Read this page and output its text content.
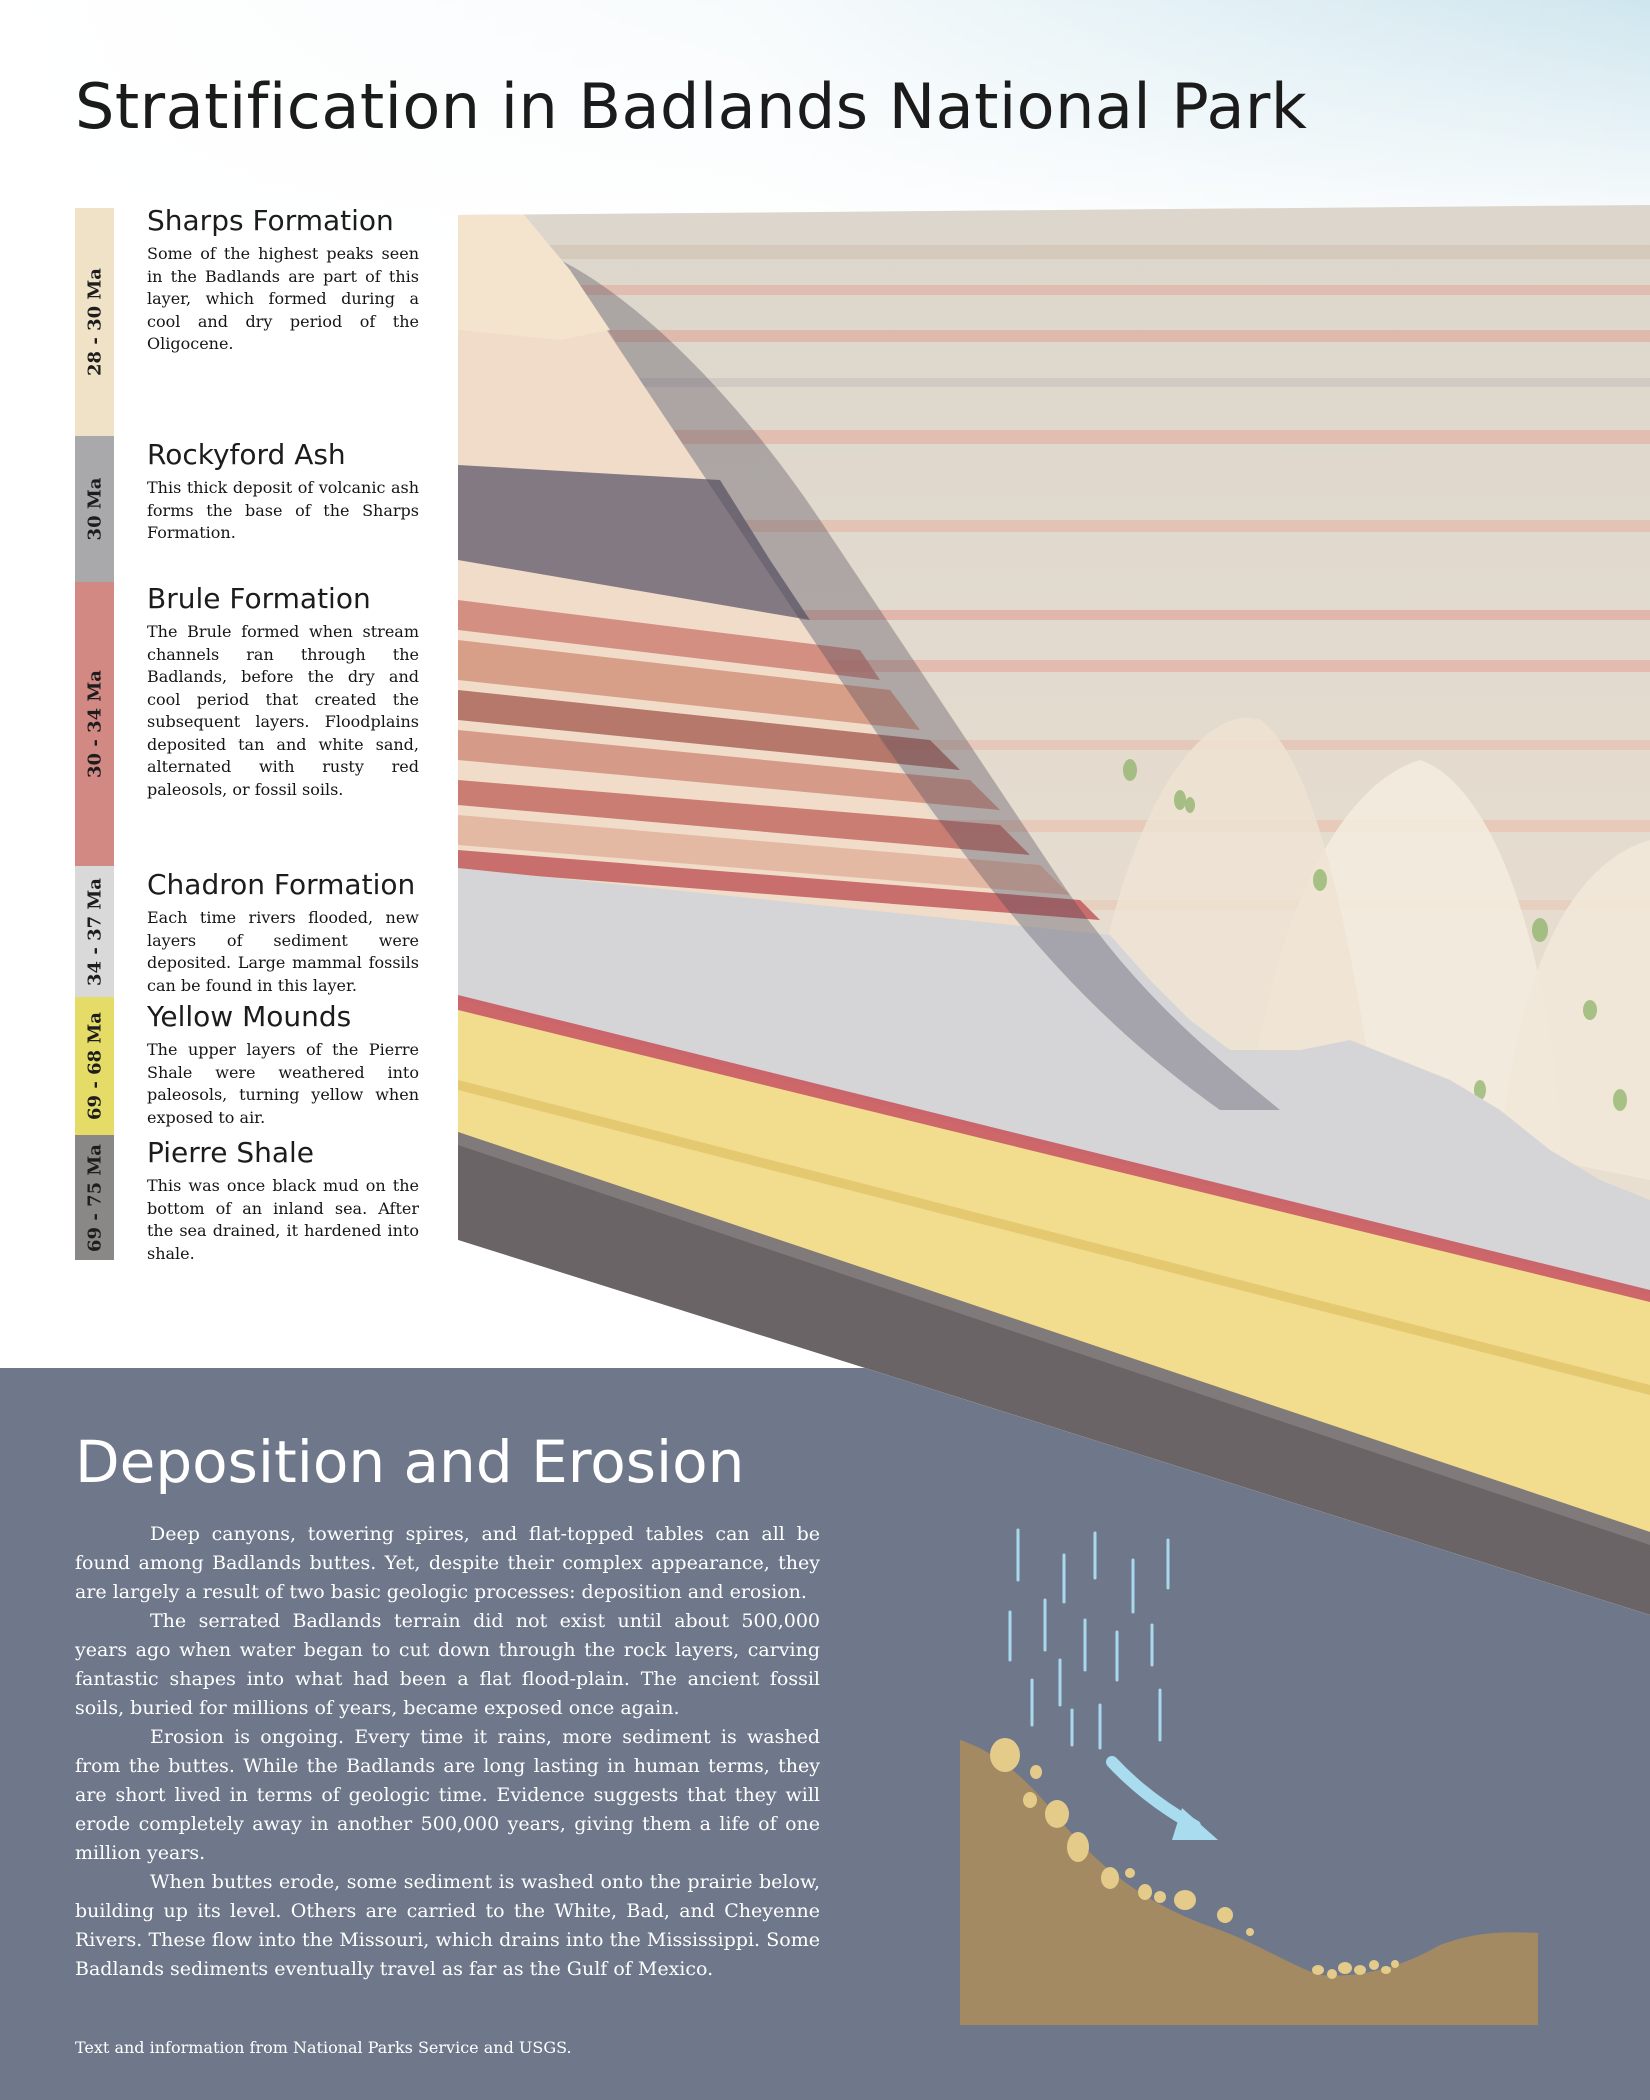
Stratification in Badlands National Park
28 - 30 Ma
30 Ma
30 - 34 Ma
34 - 37 Ma
69 - 68 Ma
69 - 75 Ma
Sharps Formation

Some of the highest peaks seen in the Badlands are part of this layer, which formed during a cool and dry period of the Oligocene.

Rockyford Ash

This thick deposit of volcanic ash forms the base of the Sharps Formation.

Brule Formation

The Brule formed when stream channels ran through the Badlands, before the dry and cool period that created the subsequent layers. Floodplains deposited tan and white sand, alternated with rusty red paleosols, or fossil soils.

Chadron Formation

Each time rivers flooded, new layers of sediment were deposited. Large mammal fossils can be found in this layer.

Yellow Mounds

The upper layers of the Pierre Shale were weathered into paleosols, turning yellow when exposed to air.

Pierre Shale

This was once black mud on the bottom of an inland sea. After the sea drained, it hardened into shale.

Deposition and Erosion

Deep canyons, towering spires, and flat-topped tables can all be found among Badlands buttes. Yet, despite their complex appearance, they are largely a result of two basic geologic processes: deposition and erosion.

The serrated Badlands terrain did not exist until about 500,000 years ago when water began to cut down through the rock layers, carving fantastic shapes into what had been a flat flood-plain. The ancient fossil soils, buried for millions of years, became exposed once again.

Erosion is ongoing. Every time it rains, more sediment is washed from the buttes. While the Badlands are long lasting in human terms, they are short lived in terms of geologic time. Evidence suggests that they will erode completely away in another 500,000 years, giving them a life of one million years.

When buttes erode, some sediment is washed onto the prairie below, building up its level. Others are carried to the White, Bad, and Cheyenne Rivers. These flow into the Missouri, which drains into the Mississippi. Some Badlands sediments eventually travel as far as the Gulf of Mexico.

Text and information from National Parks Service and USGS.
